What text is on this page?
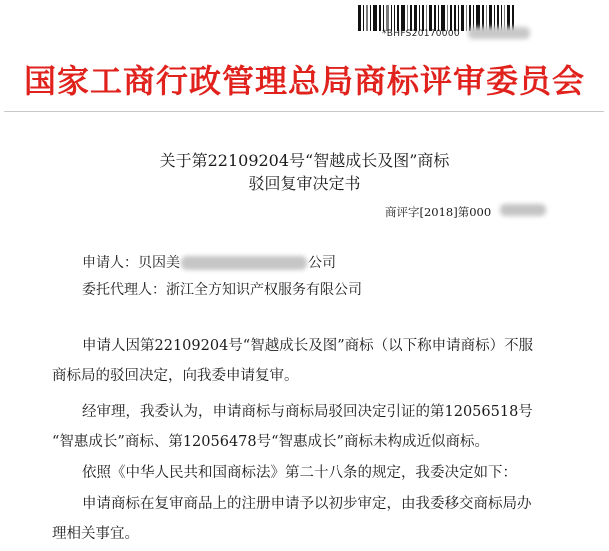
*BHFS20170000
国家工商行政管理总局商标评审委员会
关于第22109204号“智越成长及图”商标
驳回复审决定书
商评字[2018]第000
申请人：贝因美	公司
委托代理人：浙江全方知识产权服务有限公司
申请人因第22109204号“智越成长及图”商标（以下称申请商标）不服
商标局的驳回决定，向我委申请复审。
经审理，我委认为，申请商标与商标局驳回决定引证的第12056518号
“智惠成长”商标、第12056478号“智惠成长”商标未构成近似商标。
依照《中华人民共和国商标法》第二十八条的规定，我委决定如下：
申请商标在复审商品上的注册申请予以初步审定，由我委移交商标局办
理相关事宜。
